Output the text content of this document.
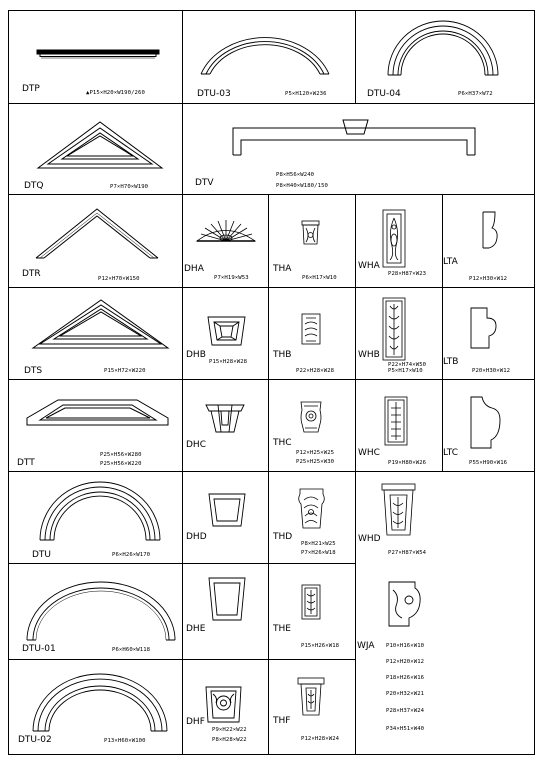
DTP	▲P15×H20×W190/260	DTU-03	P5×H120×W236	DTU-04	P6×H37×W72
DTQ	P7×H70×W190	DTV
P8×H56×W240
P8×H40×W180/150
DTR	P12×H70×W150
DHA
P7×H19×W53
THA
P6×H17×W10
WHA
P28×H87×W23
LTA
P12×H30×W12
DTS	P15×H72×W220
DHB
P15×H28×W28
THB
P22×H28×W28
WHB
P22×H74×W50
P5×H17×W10
LTB
P20×H30×W12
DTT
P25×H56×W280
P25×H56×W220
DHC	THC
P12×H25×W25
P25×H25×W30
WHC
P19×H80×W26
LTC
P55×H90×W16
DTU	P6×H26×W170
DHD	THD
P8×H21×W25
P7×H26×W18
WHD
P27×H87×W54
DTU-01	P6×H60×W118
DHE	THE
P15×H26×W18 WJA P10×H16×W10
P12×H20×W12
P18×H26×W16
P20×H32×W21
P28×H37×W24
P34×H51×W40
DTU-02	P13×H60×W100
DHF
P9×H22×W22
P8×H28×W22
THF
P12×H28×W24
